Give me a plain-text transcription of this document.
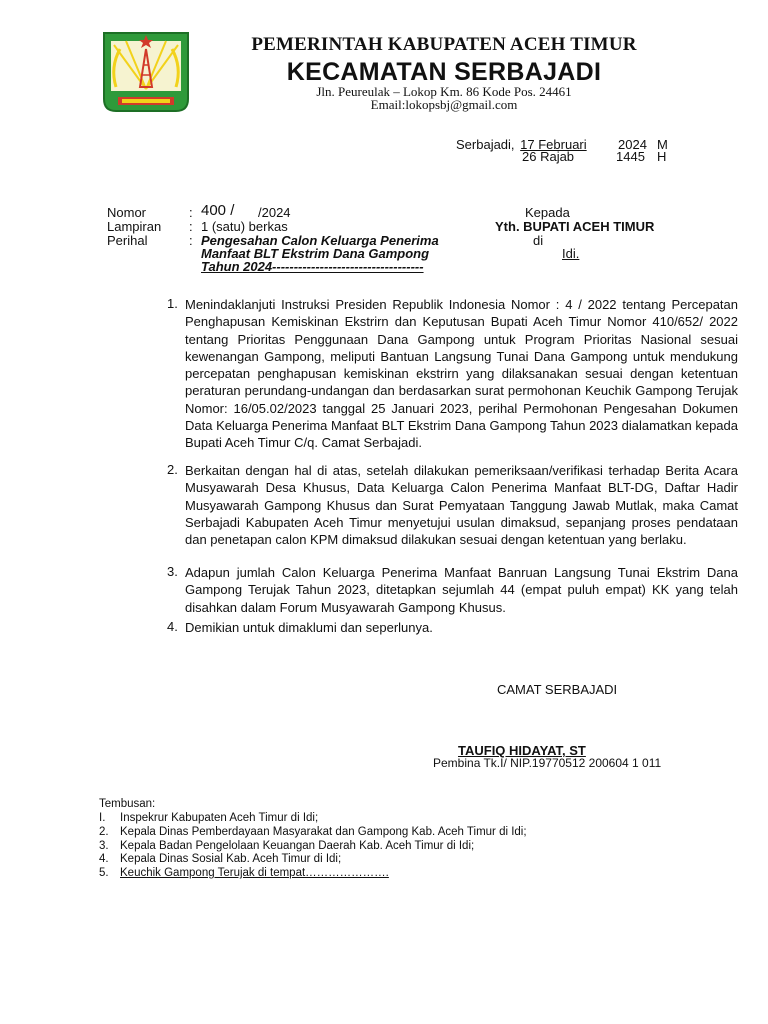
PEMERINTAH KABUPATEN ACEH TIMUR
KECAMATAN SERBAJADI
Jln. Peureulak – Lokop Km. 86 Kode Pos. 24461
Email:lokopsbj@gmail.com
Serbajadi, 17 Februari 2024 M
26 Rajab	1445 H
Nomor	: 400 / /2024
Lampiran : 1 (satu) berkas
Perihal	: Pengesahan Calon Keluarga Penerima
Manfaat BLT Ekstrim Dana Gampong
Tahun 2024-----------------------------------
Kepada
Yth. BUPATI ACEH TIMUR
di
Idi.
1. Menindaklanjuti Instruksi Presiden Republik Indonesia Nomor : 4 / 2022 tentang Percepatan Penghapusan Kemiskinan Ekstrirn dan Keputusan Bupati Aceh Timur Nomor 410/652/ 2022 tentang Prioritas Penggunaan Dana Gampong untuk Program Prioritas Nasional sesuai kewenangan Gampong, meliputi Bantuan Langsung Tunai Dana Gampong untuk mendukung percepatan penghapusan kemiskinan ekstrirn yang dilaksanakan sesuai dengan ketentuan peraturan perundang-undangan dan berdasarkan surat permohonan Keuchik Gampong Terujak Nomor: 16/05.02/2023 tanggal 25 Januari 2023, perihal Permohonan Pengesahan Dokumen Data Keluarga Penerima Manfaat BLT Ekstrim Dana Gampong Tahun 2023 dialamatkan kepada Bupati Aceh Timur C/q. Camat Serbajadi.
2. Berkaitan dengan hal di atas, setelah dilakukan pemeriksaan/verifikasi terhadap Berita Acara Musyawarah Desa Khusus, Data Keluarga Calon Penerima Manfaat BLT-DG, Daftar Hadir Musyawarah Gampong Khusus dan Surat Pemyataan Tanggung Jawab Mutlak, maka Camat Serbajadi Kabupaten Aceh Timur menyetujui usulan dimaksud, sepanjang proses pendataan dan penetapan calon KPM dimaksud dilakukan sesuai dengan ketentuan yang berlaku.
3. Adapun jumlah Calon Keluarga Penerima Manfaat Banruan Langsung Tunai Ekstrim Dana Gampong Terujak Tahun 2023, ditetapkan sejumlah 44 (empat puluh empat) KK yang telah disahkan dalam Forum Musyawarah Gampong Khusus.
4. Demikian untuk dimaklumi dan seperlunya.
CAMAT SERBAJADI
TAUFIQ HIDAYAT, ST
Pembina Tk.I/ NIP.19770512 200604 1 011
Tembusan:
I. Inspekrur Kabupaten Aceh Timur di Idi;
2. Kepala Dinas Pemberdayaan Masyarakat dan Gampong Kab. Aceh Timur di Idi;
3. Kepala Badan Pengelolaan Keuangan Daerah Kab. Aceh Timur di Idi;
4. Kepala Dinas Sosial Kab. Aceh Timur di Idi;
5. Keuchik Gampong Terujak di tempat………………….
